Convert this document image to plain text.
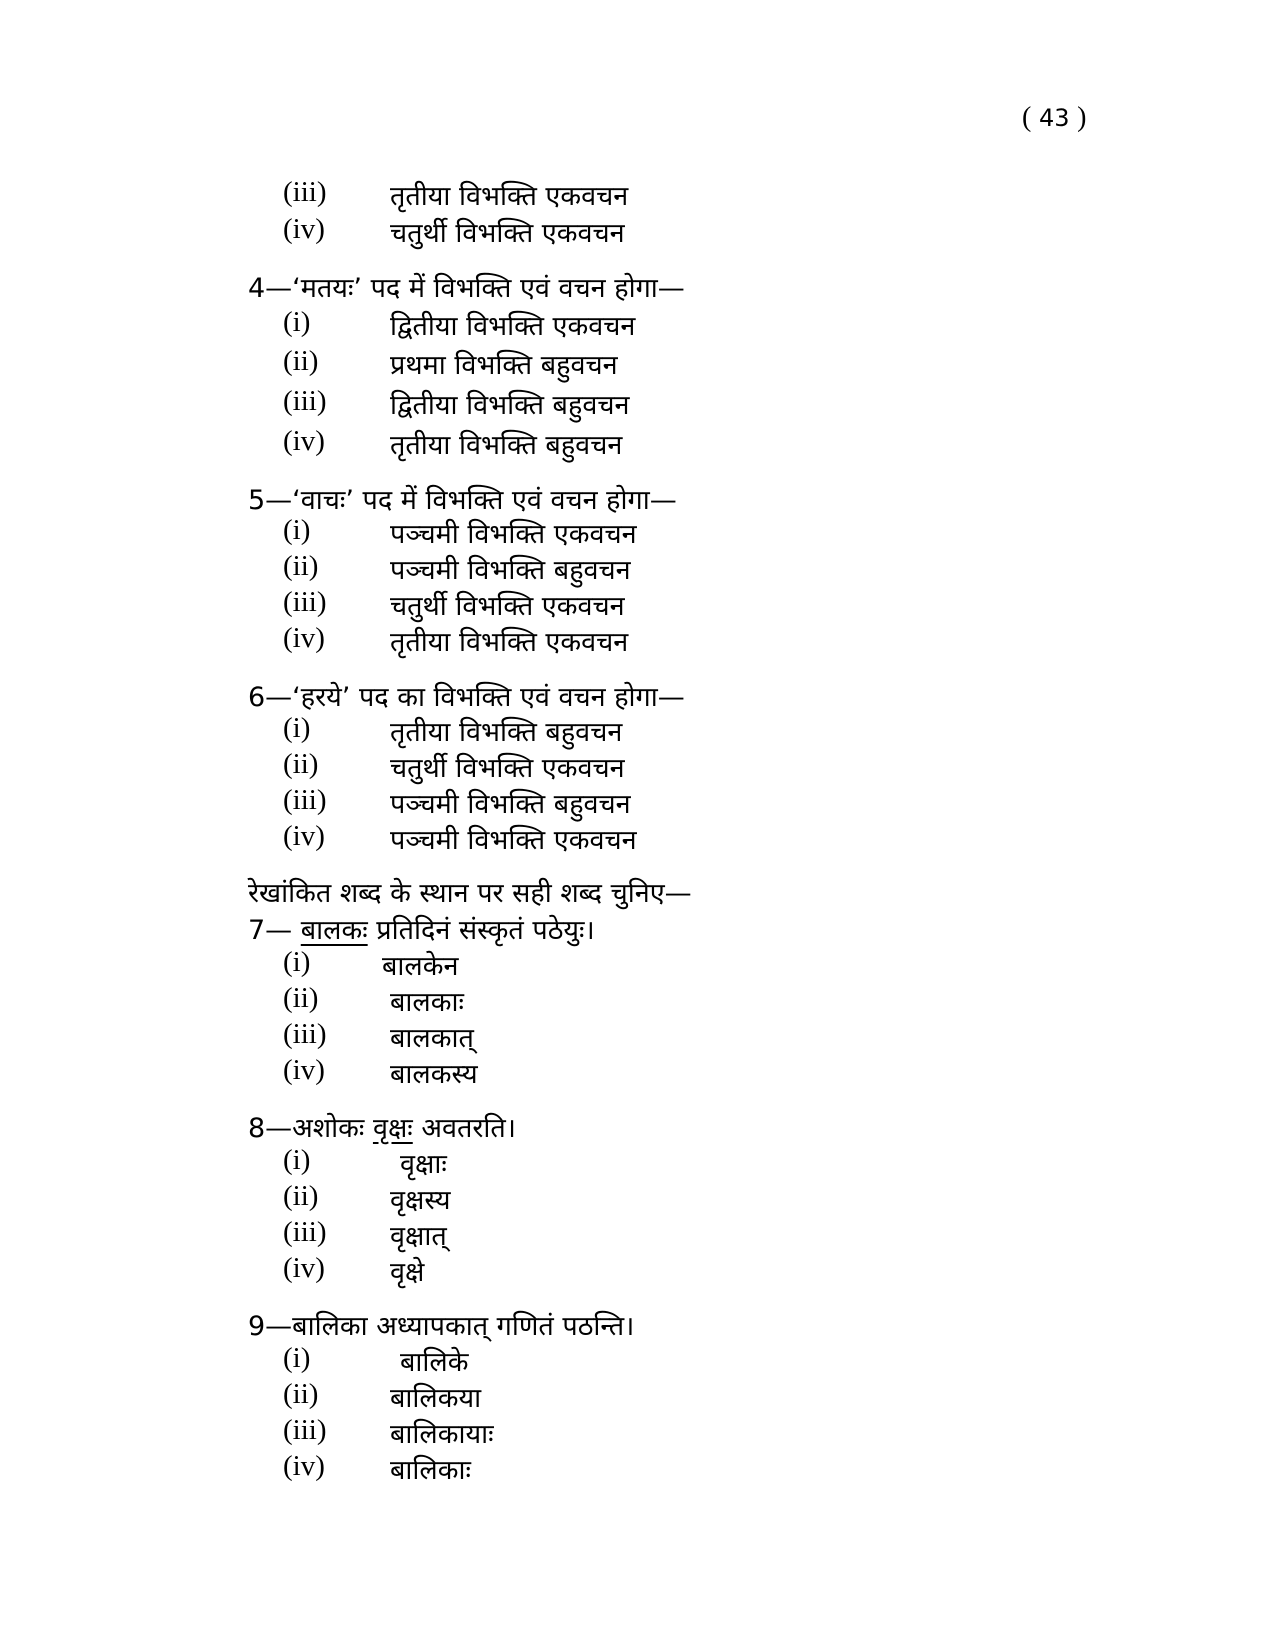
( 43 )
(iii) तृतीया विभक्ति एकवचन
(iv) चतुर्थी विभक्ति एकवचन
4—‘मतयः’ पद में विभक्ति एवं वचन होगा—
(i)	द्वितीया विभक्ति एकवचन
(ii)	प्रथमा विभक्ति बहुवचन
(iii) द्वितीया विभक्ति बहुवचन
(iv) तृतीया विभक्ति बहुवचन
5—‘वाचः’ पद में विभक्ति एवं वचन होगा—
(i)	पञ्चमी विभक्ति एकवचन
(ii)	पञ्चमी विभक्ति बहुवचन
(iii) चतुर्थी विभक्ति एकवचन
(iv) तृतीया विभक्ति एकवचन
6—‘हरये’ पद का विभक्ति एवं वचन होगा—
(i)	तृतीया विभक्ति बहुवचन
(ii)	चतुर्थी विभक्ति एकवचन
(iii) पञ्चमी विभक्ति बहुवचन
(iv) पञ्चमी विभक्ति एकवचन
रेखांकित शब्द के स्थान पर सही शब्द चुनिए—
7— बालकः प्रतिदिनं संस्कृतं पठेयुः।
(i)	बालकेन
(ii)	बालकाः
(iii) बालकात्
(iv) बालकस्य
8—अशोकः वृक्षः अवतरति।
(i)	वृक्षाः
(ii)	वृक्षस्य
(iii) वृक्षात्
(iv) वृक्षे
9—बालिका अध्यापकात् गणितं पठन्ति।
(i)	बालिके
(ii)	बालिकया
(iii) बालिकायाः
(iv) बालिकाः
